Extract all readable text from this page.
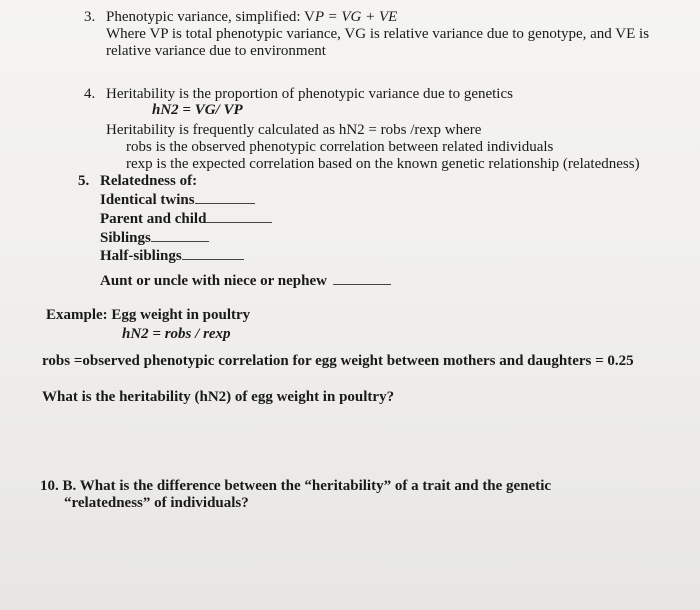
3. Phenotypic variance, simplified: VP = VG + VE
Where VP is total phenotypic variance, VG is relative variance due to genotype, and VE is
relative variance due to environment
4. Heritability is the proportion of phenotypic variance due to genetics
hN2 = VG/ VP
Heritability is frequently calculated as hN2 = robs /rexp where
robs is the observed phenotypic correlation between related individuals
rexp is the expected correlation based on the known genetic relationship (relatedness)
5. Relatedness of:
Identical twins
Parent and child
Siblings
Half-siblings
Aunt or uncle with niece or nephew
Example: Egg weight in poultry
hN2 = robs / rexp
robs =observed phenotypic correlation for egg weight between mothers and daughters = 0.25
What is the heritability (hN2) of egg weight in poultry?
10. B. What is the difference between the “heritability” of a trait and the genetic
“relatedness” of individuals?
